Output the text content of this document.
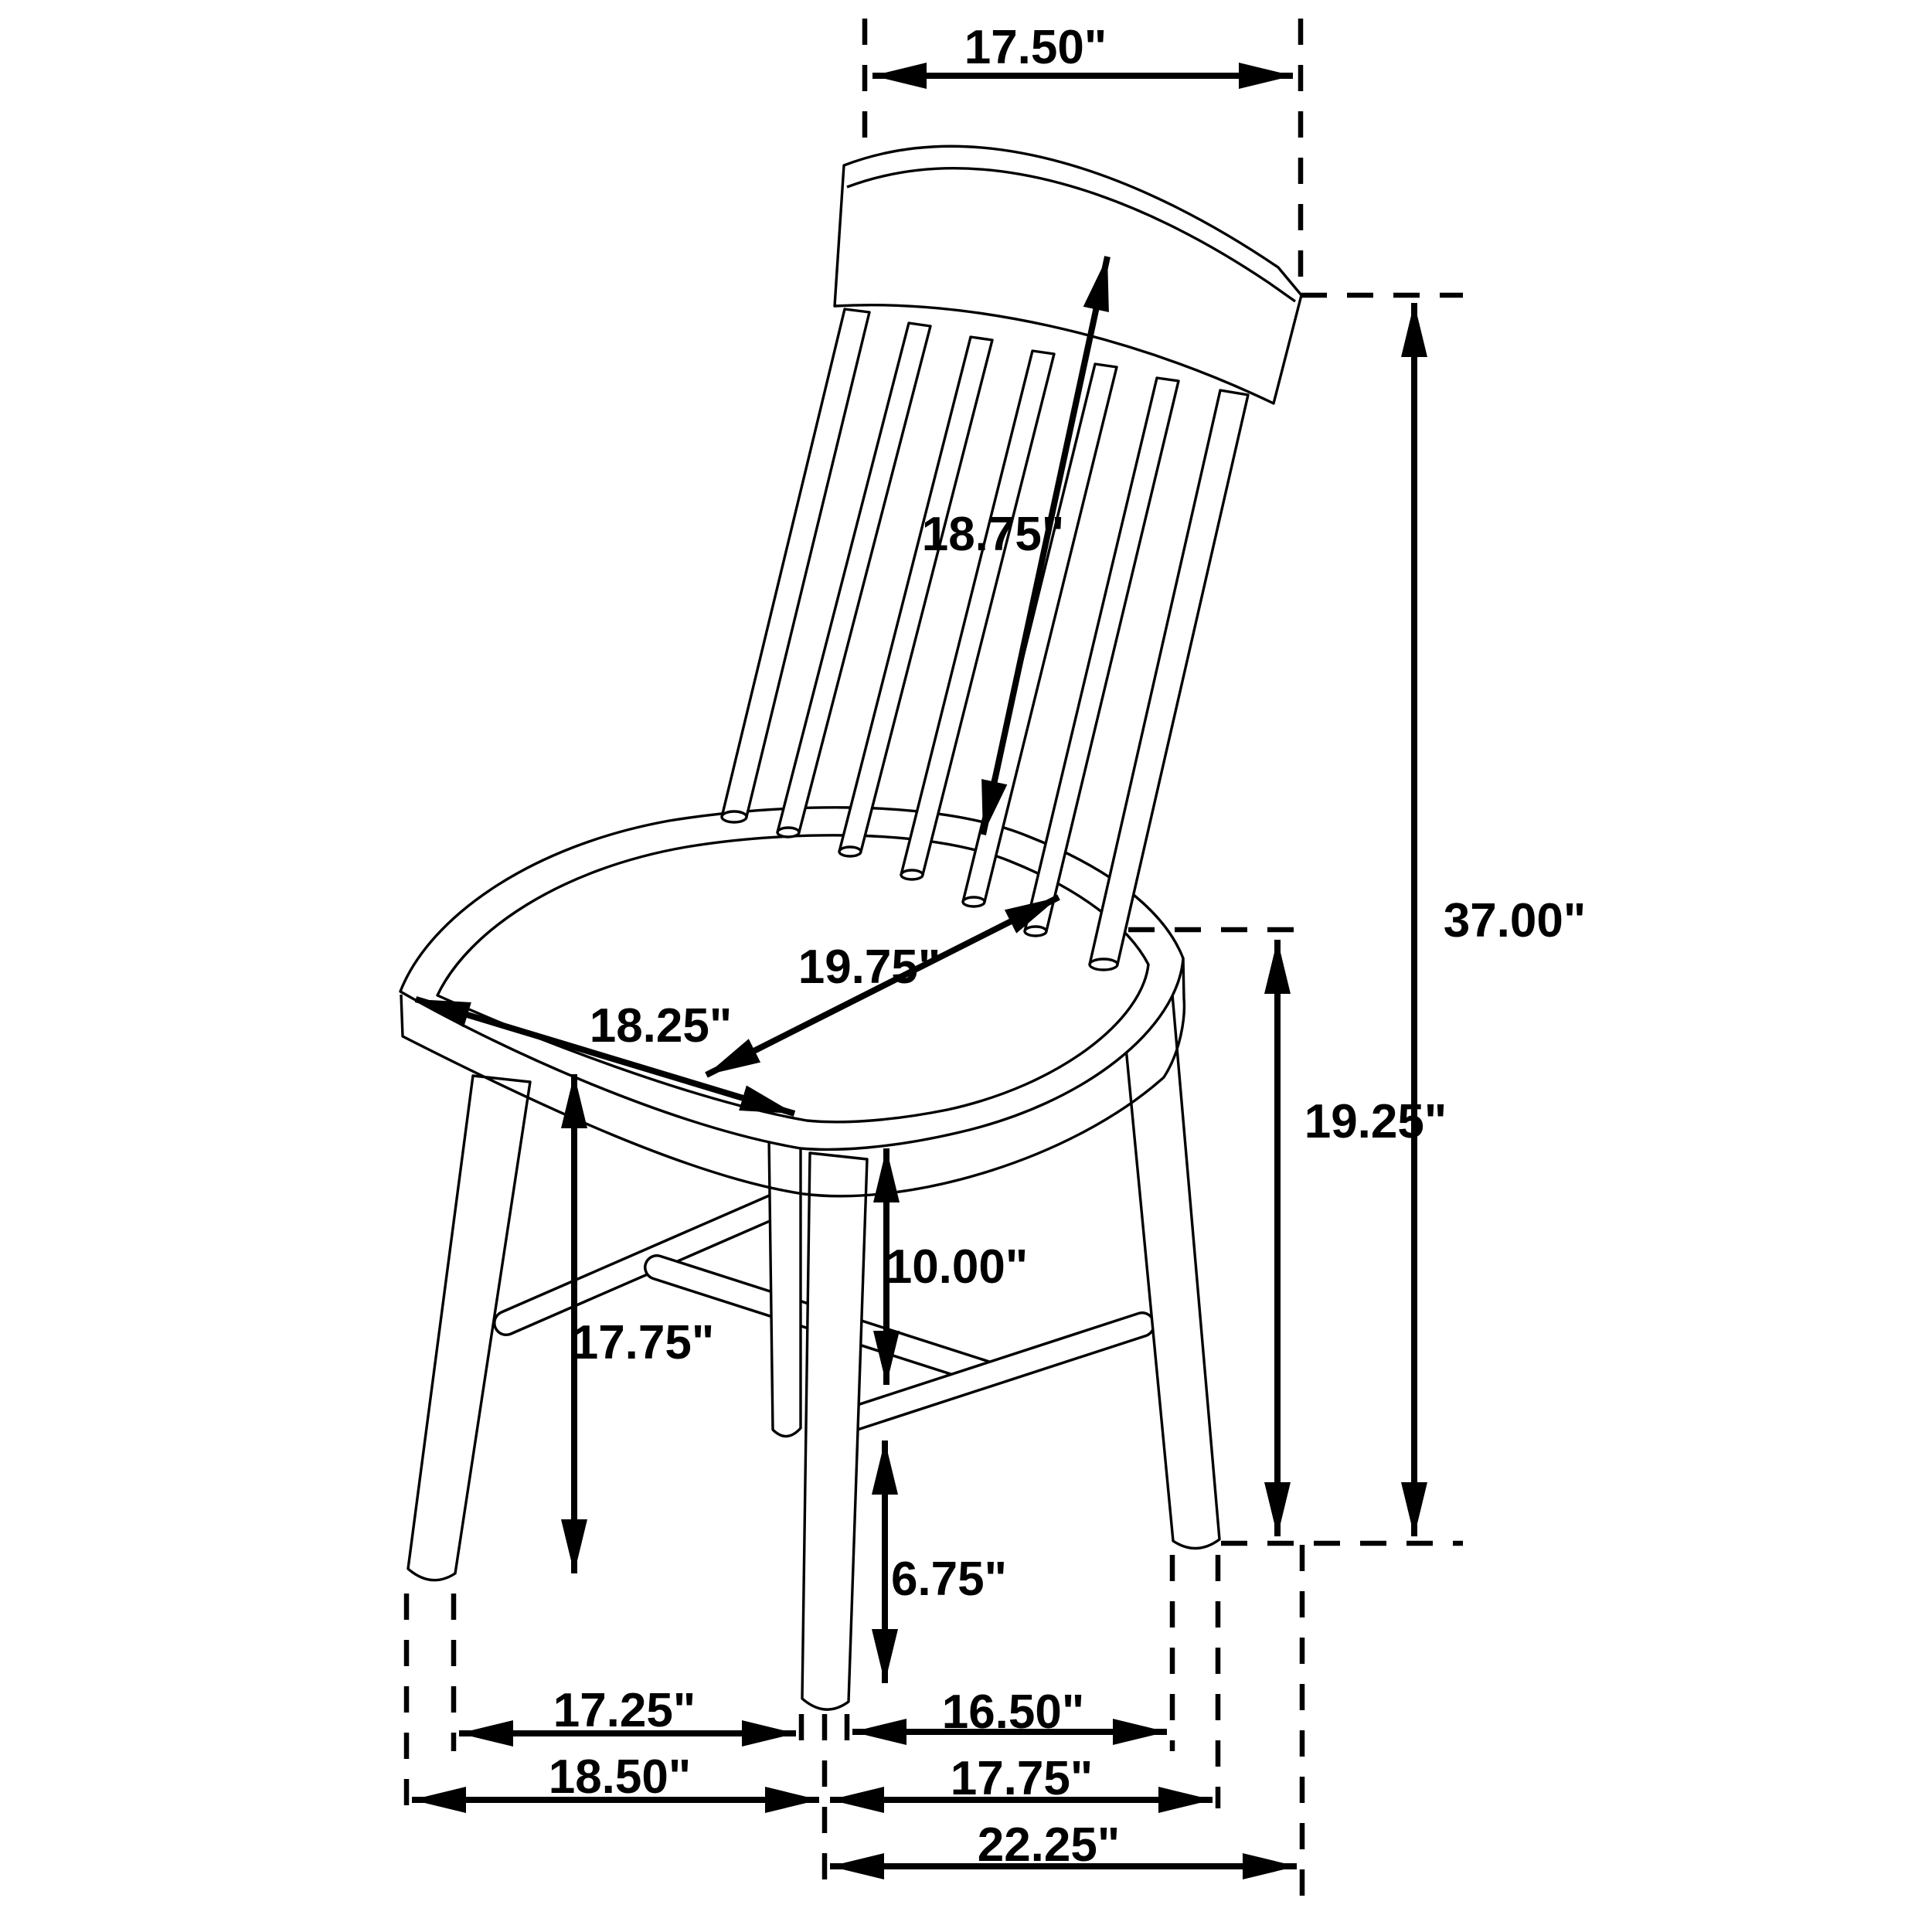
17.50"
18.75"
19.75"
18.25"
37.00"
19.25"
17.75"
10.00"
6.75"
17.25"	16.50"
18.50"	17.75"
22.25"
